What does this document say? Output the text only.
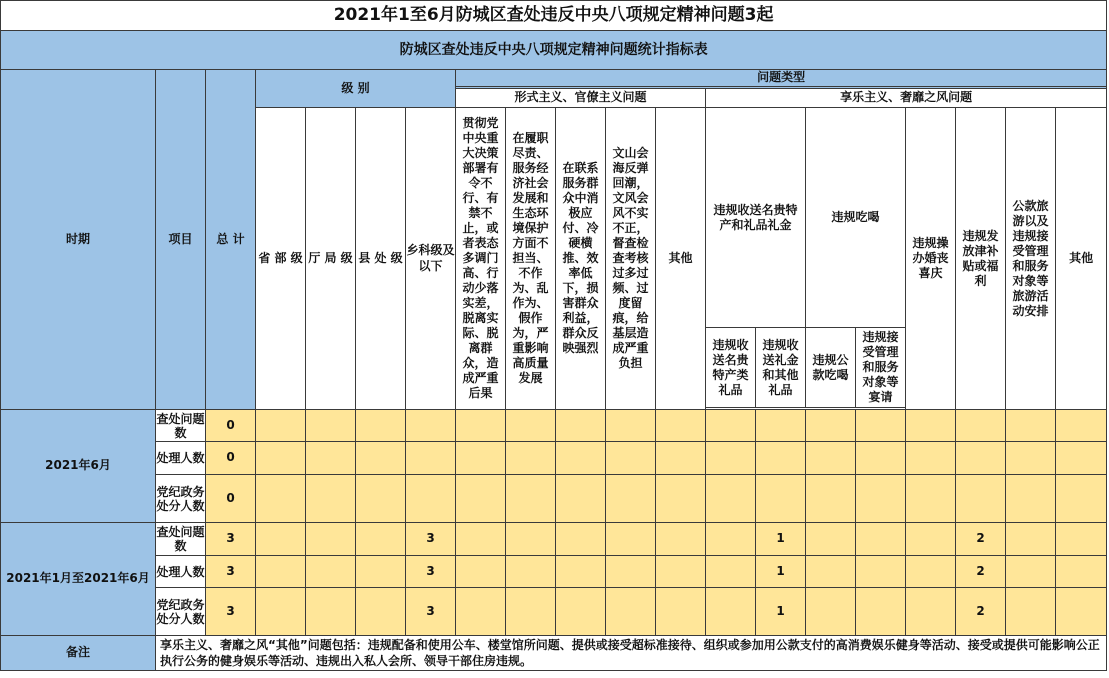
2021年1至6月防城区查处违反中央八项规定精神问题3起																			
防城区查处违反中央八项规定精神问题统计指标表																			
时期	项目	总 计	级 别				问题类型												

							形式主义、官僚主义问题					享乐主义、奢靡之风问题							
			省 部 级	厅 局 级	县 处 级	乡科级及以下	贯彻党中央重大决策部署有令不行、有禁不止，或者表态多调门高、行动少落实差，脱离实际、脱离群众，造成严重后果	在履职尽责、服务经济社会发展和生态环境保护方面不担当、不作为、乱作为、假作为，严重影响高质量发展	在联系服务群众中消极应付、冷硬横推、效率低下，损害群众利益，群众反映强烈	文山会海反弹回潮，文风会风不实不正，督查检查考核过多过频、过度留痕，给基层造成严重负担	其他	违规收送名贵特产和礼品礼金		违规吃喝		违规操办婚丧喜庆	违规发放津补贴或福利	公款旅游以及违规接受管理和服务对象等旅游活动安排	其他
												违规收送名贵特产类礼品	违规收送礼金和其他礼品	违规公款吃喝	违规接受管理和服务对象等宴请				

2021年6月	查处问题数	0																	
	处理人数	0																	
	党纪政务处分人数	0																	
2021年1月至2021年6月	查处问题数	3				3							1				2		
	处理人数	3				3							1				2		
	党纪政务处分人数	3				3							1				2		
备注	享乐主义、奢靡之风“其他”问题包括：违规配备和使用公车、楼堂馆所问题、提供或接受超标准接待、组织或参加用公款支付的高消费娱乐健身等活动、接受或提供可能影响公正执行公务的健身娱乐等活动、违规出入私人会所、领导干部住房违规。																		
